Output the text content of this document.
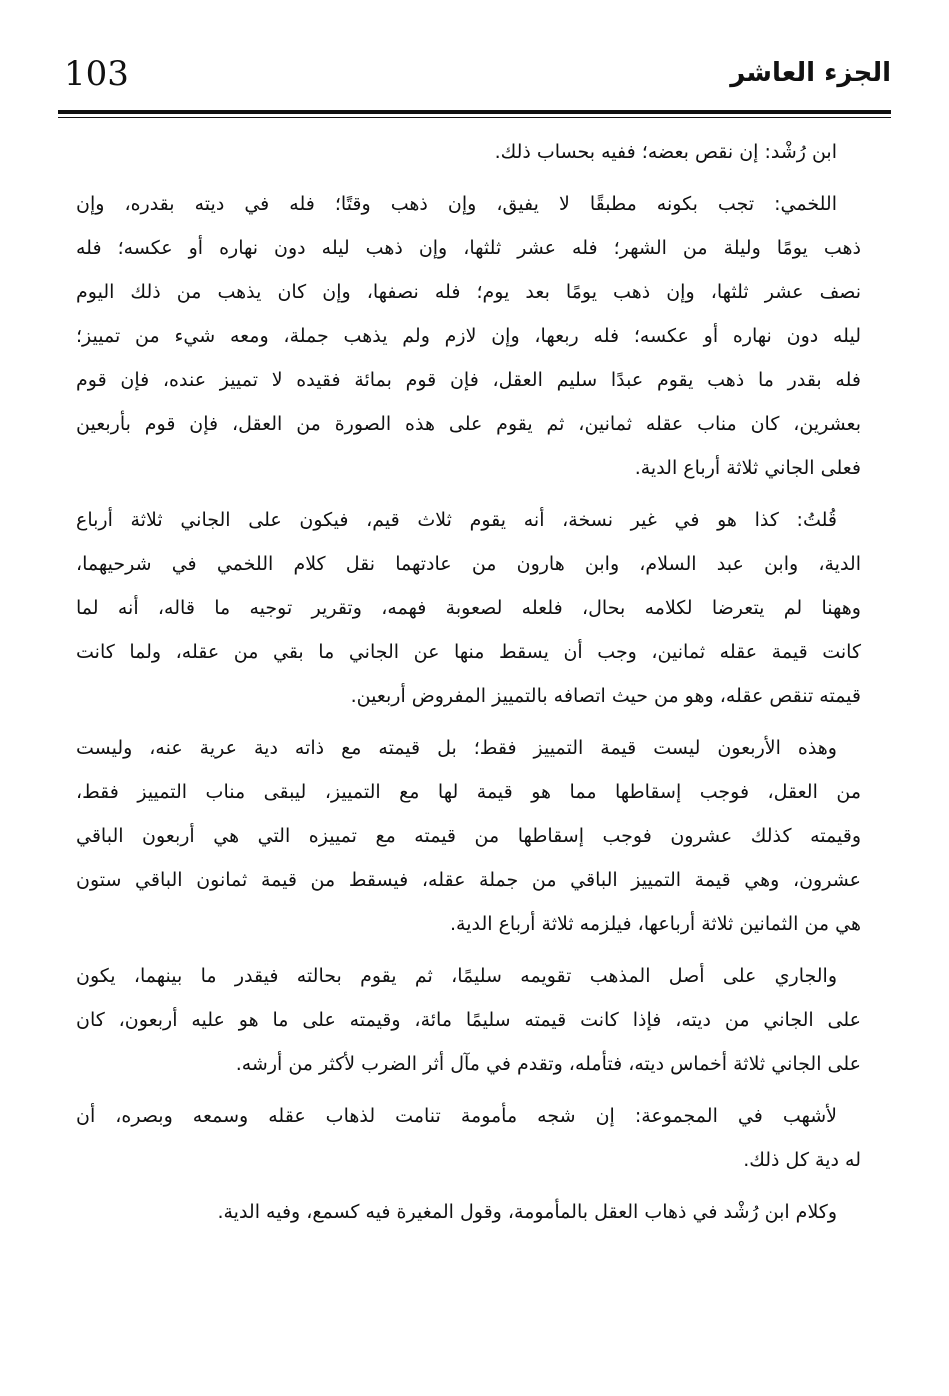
103	الجزء العاشر
ابن رُشْد: إن نقص بعضه؛ ففيه بحساب ذلك.
اللخمي: تجب بكونه مطبقًا لا يفيق، وإن ذهب وقتًا؛ فله في ديته بقدره، وإن
ذهب يومًا وليلة من الشهر؛ فله عشر ثلثها، وإن ذهب ليله دون نهاره أو عكسه؛ فله
نصف عشر ثلثها، وإن ذهب يومًا بعد يوم؛ فله نصفها، وإن كان يذهب من ذلك اليوم
ليله دون نهاره أو عكسه؛ فله ربعها، وإن لازم ولم يذهب جملة، ومعه شيء من تمييز؛
فله بقدر ما ذهب يقوم عبدًا سليم العقل، فإن قوم بمائة فقيده لا تمييز عنده، فإن قوم
بعشرين، كان مناب عقله ثمانين، ثم يقوم على هذه الصورة من العقل، فإن قوم بأربعين
فعلى الجاني ثلاثة أرباع الدية.
قُلتُ: كذا هو في غير نسخة، أنه يقوم ثلاث قيم، فيكون على الجاني ثلاثة أرباع
الدية، وابن عبد السلام، وابن هارون من عادتهما نقل كلام اللخمي في شرحيهما،
وههنا لم يتعرضا لكلامه بحال، فلعله لصعوبة فهمه، وتقرير توجيه ما قاله، أنه لما
كانت قيمة عقله ثمانين، وجب أن يسقط منها عن الجاني ما بقي من عقله، ولما كانت
قيمته تنقص عقله، وهو من حيث اتصافه بالتمييز المفروض أربعين.
وهذه الأربعون ليست قيمة التمييز فقط؛ بل قيمته مع ذاته دية عرية عنه، وليست
من العقل، فوجب إسقاطها مما هو قيمة لها مع التمييز، ليبقى مناب التمييز فقط،
وقيمته كذلك عشرون فوجب إسقاطها من قيمته مع تمييزه التي هي أربعون الباقي
عشرون، وهي قيمة التمييز الباقي من جملة عقله، فيسقط من قيمة ثمانون الباقي ستون
هي من الثمانين ثلاثة أرباعها، فيلزمه ثلاثة أرباع الدية.
والجاري على أصل المذهب تقويمه سليمًا، ثم يقوم بحالته فيقدر ما بينهما، يكون
على الجاني من ديته، فإذا كانت قيمته سليمًا مائة، وقيمته على ما هو عليه أربعون، كان
على الجاني ثلاثة أخماس ديته، فتأمله، وتقدم في مآل أثر الضرب لأكثر من أرشه.
لأشهب في المجموعة: إن شجه مأمومة تنامت لذهاب عقله وسمعه وبصره، أن
له دية كل ذلك.
وكلام ابن رُشْد في ذهاب العقل بالمأمومة، وقول المغيرة فيه كسمع، وفيه الدية.
